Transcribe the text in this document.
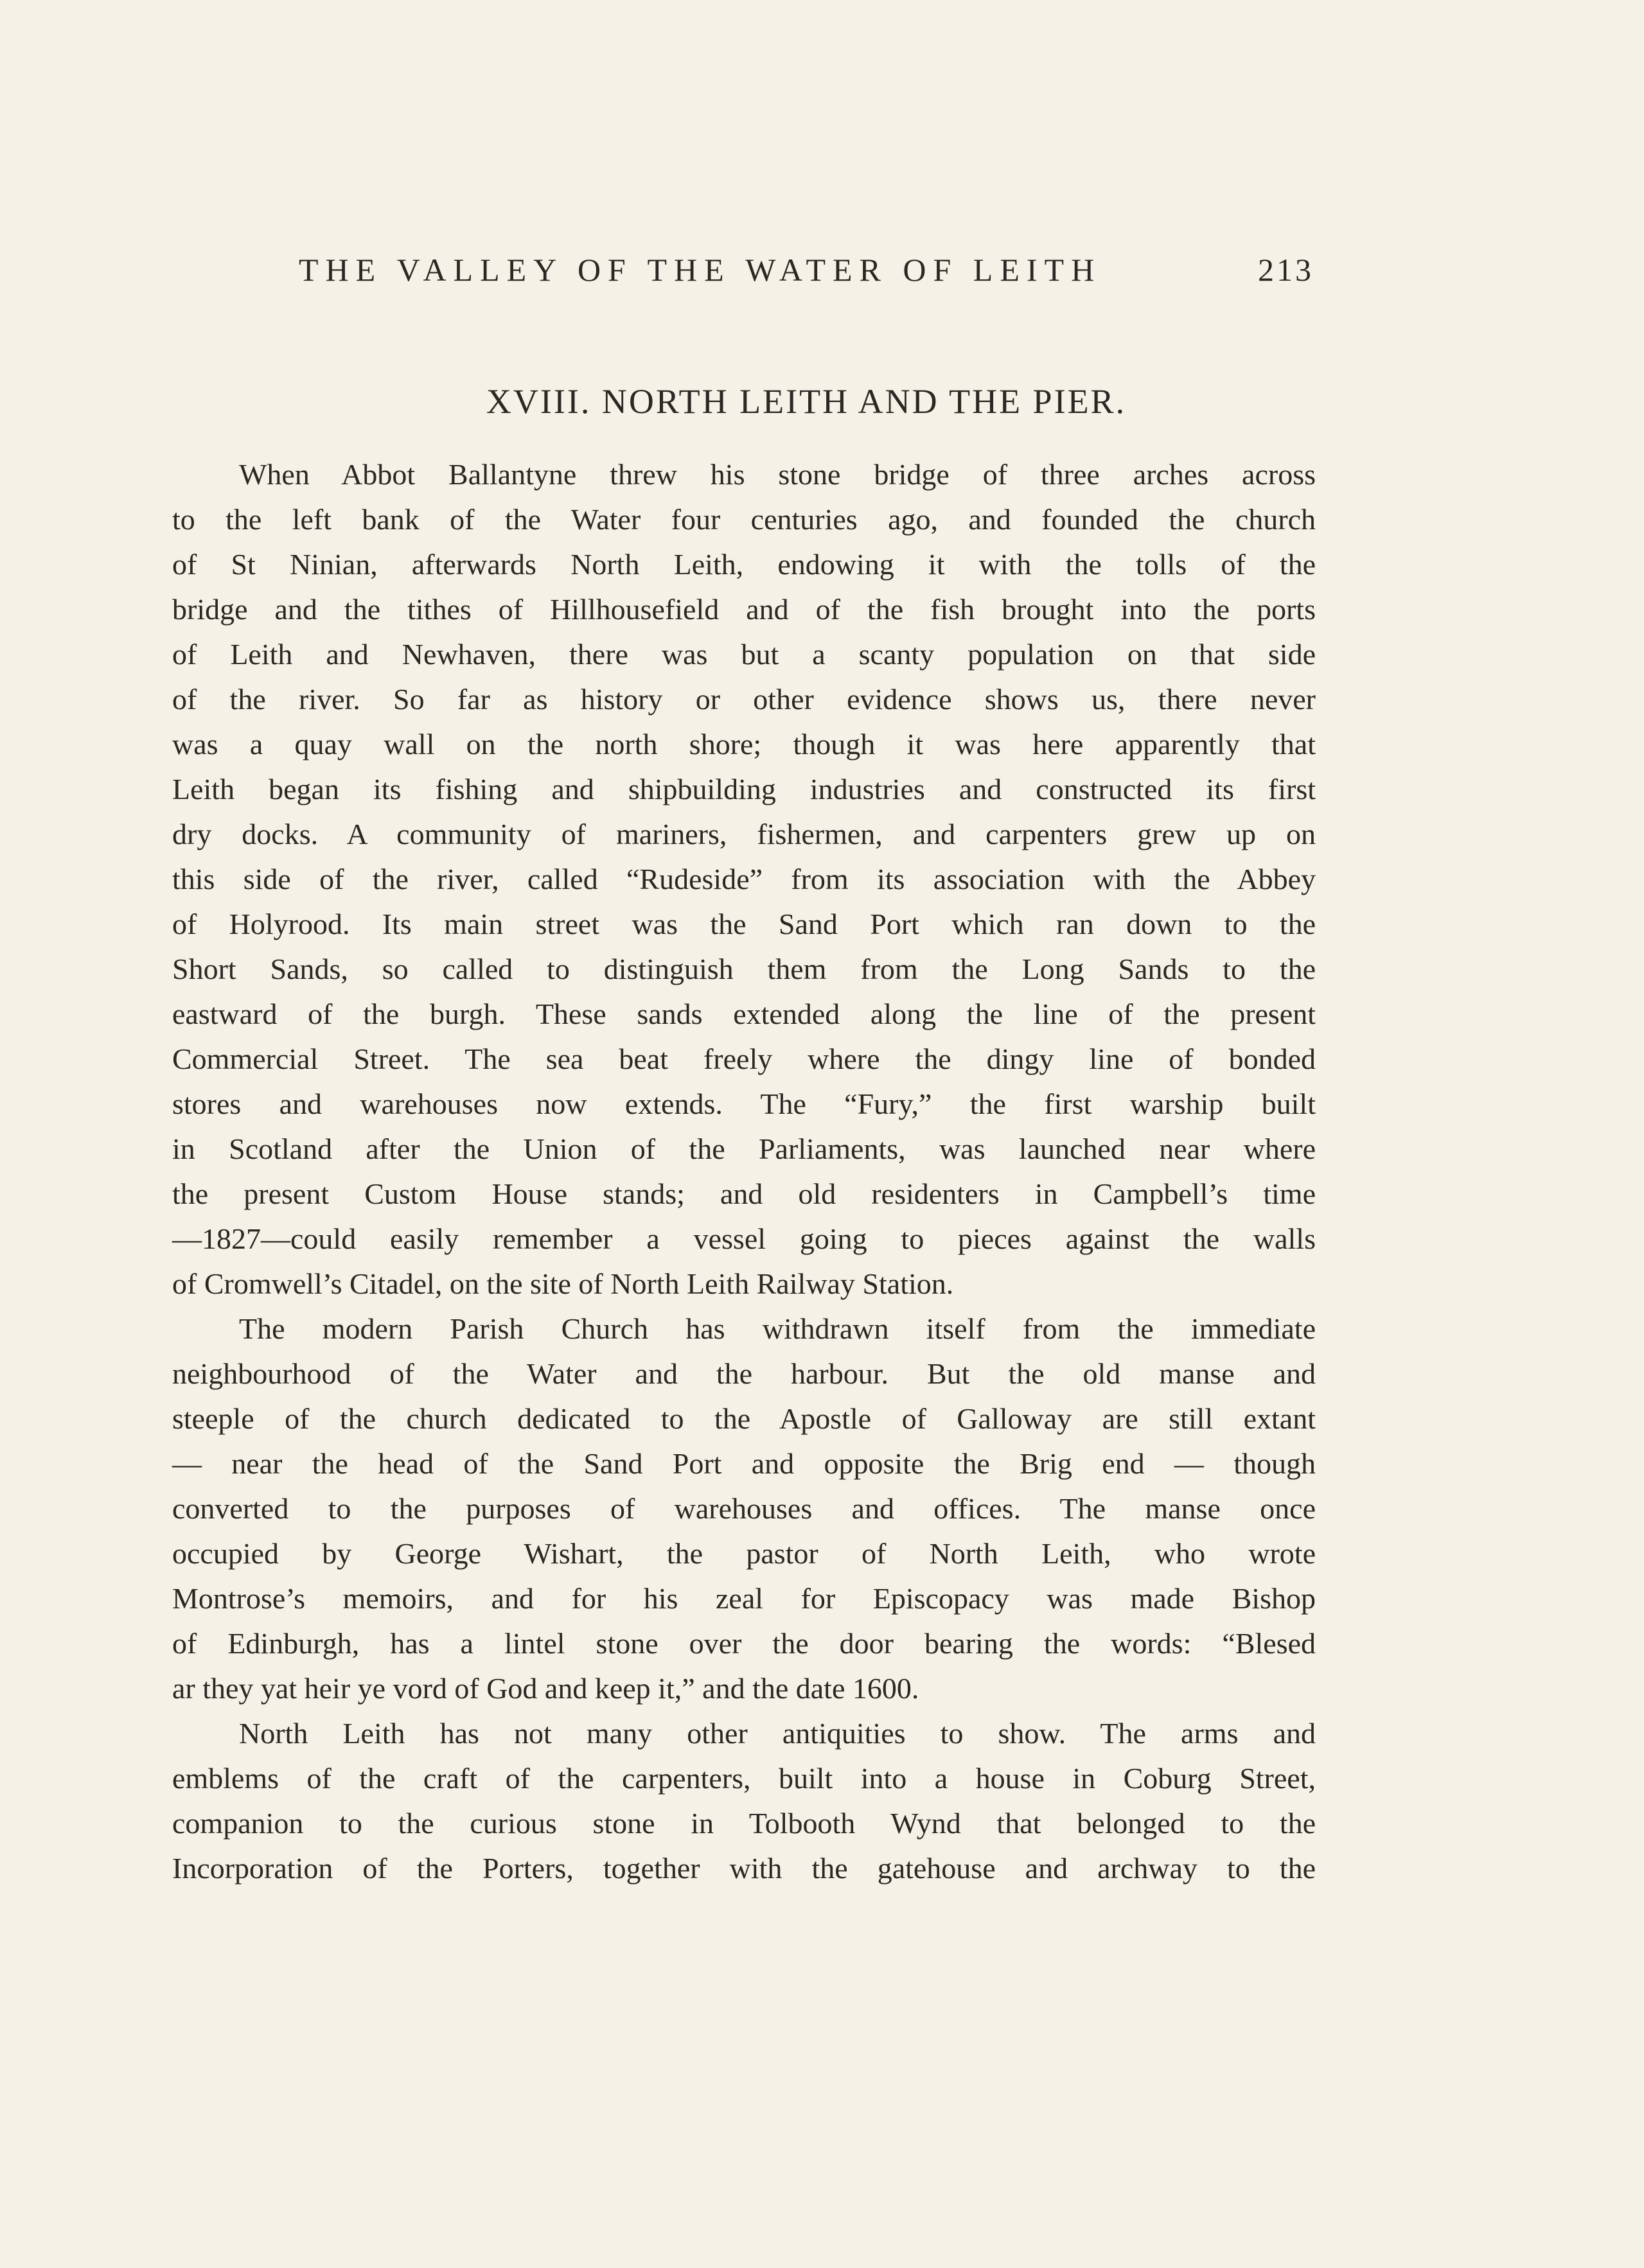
THE VALLEY OF THE WATER OF LEITH	213
XVIII. NORTH LEITH AND THE PIER.
When Abbot Ballantyne threw his stone bridge of three arches across
to the left bank of the Water four centuries ago, and founded the church
of St Ninian, afterwards North Leith, endowing it with the tolls of the
bridge and the tithes of Hillhousefield and of the fish brought into the ports
of Leith and Newhaven, there was but a scanty population on that side
of the river. So far as history or other evidence shows us, there never
was a quay wall on the north shore; though it was here apparently that
Leith began its fishing and shipbuilding industries and constructed its first
dry docks. A community of mariners, fishermen, and carpenters grew up on
this side of the river, called “Rudeside” from its association with the Abbey
of Holyrood. Its main street was the Sand Port which ran down to the
Short Sands, so called to distinguish them from the Long Sands to the
eastward of the burgh. These sands extended along the line of the present
Commercial Street. The sea beat freely where the dingy line of bonded
stores and warehouses now extends. The “Fury,” the first warship built
in Scotland after the Union of the Parliaments, was launched near where
the present Custom House stands; and old residenters in Campbell’s time
—1827—could easily remember a vessel going to pieces against the walls
of Cromwell’s Citadel, on the site of North Leith Railway Station.
The modern Parish Church has withdrawn itself from the immediate
neighbourhood of the Water and the harbour. But the old manse and
steeple of the church dedicated to the Apostle of Galloway are still extant
— near the head of the Sand Port and opposite the Brig end — though
converted to the purposes of warehouses and offices. The manse once
occupied by George Wishart, the pastor of North Leith, who wrote
Montrose’s memoirs, and for his zeal for Episcopacy was made Bishop
of Edinburgh, has a lintel stone over the door bearing the words: “Blesed
ar they yat heir ye vord of God and keep it,” and the date 1600.
North Leith has not many other antiquities to show. The arms and
emblems of the craft of the carpenters, built into a house in Coburg Street,
companion to the curious stone in Tolbooth Wynd that belonged to the
Incorporation of the Porters, together with the gatehouse and archway to the
